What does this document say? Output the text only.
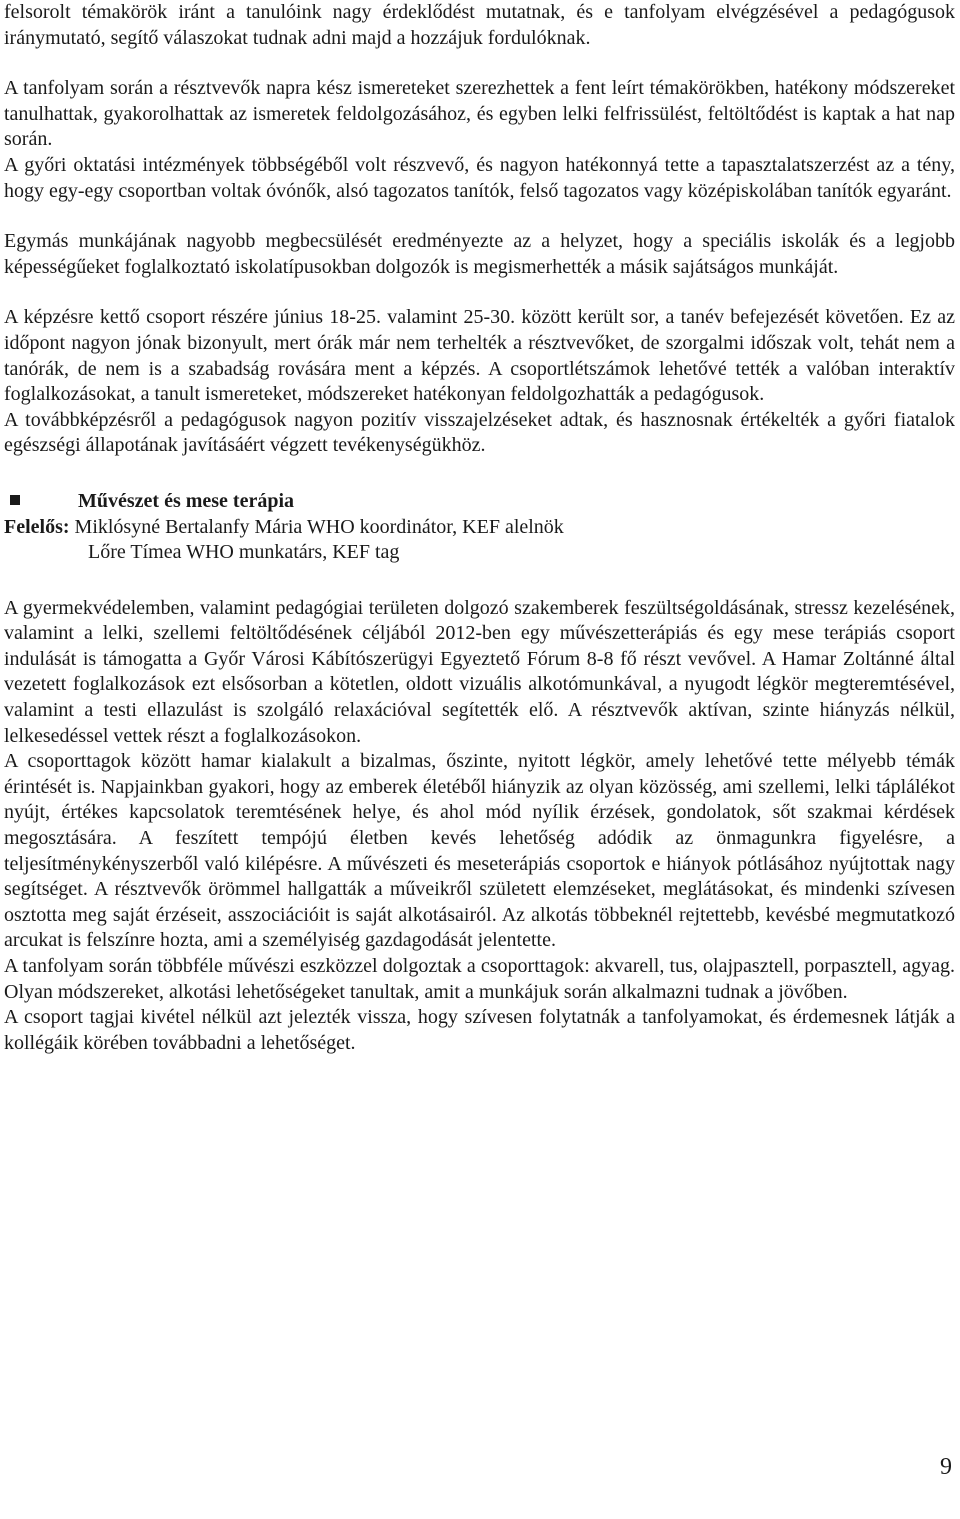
felsorolt témakörök iránt a tanulóink nagy érdeklődést mutatnak, és e tanfolyam elvégzésével a pedagógusok iránymutató, segítő válaszokat tudnak adni majd a hozzájuk fordulóknak.

A tanfolyam során a résztvevők napra kész ismereteket szerezhettek a fent leírt témakörökben, hatékony módszereket tanulhattak, gyakorolhattak az ismeretek feldolgozásához, és egyben lelki felfrissülést, feltöltődést is kaptak a hat nap során.

A győri oktatási intézmények többségéből volt részvevő, és nagyon hatékonnyá tette a tapasztalatszerzést az a tény, hogy egy-egy csoportban voltak óvónők, alsó tagozatos tanítók, felső tagozatos vagy középiskolában tanítók egyaránt.

Egymás munkájának nagyobb megbecsülését eredményezte az a helyzet, hogy a speciális iskolák és a legjobb képességűeket foglalkoztató iskolatípusokban dolgozók is megismerhették a másik sajátságos munkáját.

A képzésre kettő csoport részére június 18-25. valamint 25-30. között került sor, a tanév befejezését követően. Ez az időpont nagyon jónak bizonyult, mert órák már nem terhelték a résztvevőket, de szorgalmi időszak volt, tehát nem a tanórák, de nem is a szabadság rovására ment a képzés. A csoportlétszámok lehetővé tették a valóban interaktív foglalkozásokat, a tanult ismereteket, módszereket hatékonyan feldolgozhatták a pedagógusok.

A továbbképzésről a pedagógusok nagyon pozitív visszajelzéseket adtak, és hasznosnak értékelték a győri fiatalok egészségi állapotának javításáért végzett tevékenységükhöz.

Művészet és mese terápia
Felelős:
Miklósyné Bertalanfy Mária WHO koordinátor, KEF alelnök
Lőre Tímea WHO munkatárs, KEF tag

A gyermekvédelemben, valamint pedagógiai területen dolgozó szakemberek feszültségoldásának, stressz kezelésének, valamint a lelki, szellemi feltöltődésének céljából 2012-ben egy művészetterápiás és egy mese terápiás csoport indulását is támogatta a Győr Városi Kábítószerügyi Egyeztető Fórum 8-8 fő részt vevővel. A Hamar Zoltánné által vezetett foglalkozások ezt elsősorban a kötetlen, oldott vizuális alkotómunkával, a nyugodt légkör megteremtésével, valamint a testi ellazulást is szolgáló relaxációval segítették elő. A résztvevők aktívan, szinte hiányzás nélkül, lelkesedéssel vettek részt a foglalkozásokon.

A csoporttagok között hamar kialakult a bizalmas, őszinte, nyitott légkör, amely lehetővé tette mélyebb témák érintését is. Napjainkban gyakori, hogy az emberek életéből hiányzik az olyan közösség, ami szellemi, lelki táplálékot nyújt, értékes kapcsolatok teremtésének helye, és ahol mód nyílik érzések, gondolatok, sőt szakmai kérdések megosztására. A feszített tempójú életben kevés lehetőség adódik az önmagunkra figyelésre, a teljesítménykényszerből való kilépésre. A művészeti és meseterápiás csoportok e hiányok pótlásához nyújtottak nagy segítséget. A résztvevők örömmel hallgatták a műveikről született elemzéseket, meglátásokat, és mindenki szívesen osztotta meg saját érzéseit, asszociációit is saját alkotásairól. Az alkotás többeknél rejtettebb, kevésbé megmutatkozó arcukat is felszínre hozta, ami a személyiség gazdagodását jelentette.

A tanfolyam során többféle művészi eszközzel dolgoztak a csoporttagok: akvarell, tus, olajpasztell, porpasztell, agyag. Olyan módszereket, alkotási lehetőségeket tanultak, amit a munkájuk során alkalmazni tudnak a jövőben.

A csoport tagjai kivétel nélkül azt jelezték vissza, hogy szívesen folytatnák a tanfolyamokat, és érdemesnek látják a kollégáik körében továbbadni a lehetőséget.

9
